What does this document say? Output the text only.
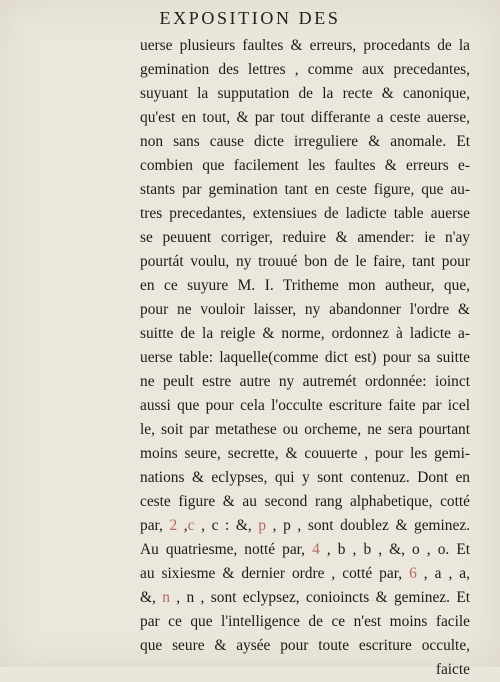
EXPOSITION DES
uerse plusieurs faultes & erreurs, procedants de la
gemination des lettres , comme aux precedantes,
suyuant la supputation de la recte & canonique,
qu'est en tout, & par tout differante a ceste auerse,
non sans cause dicte irreguliere & anomale. Et
combien que facilement les faultes & erreurs e-
stants par gemination tant en ceste figure, que au-
tres precedantes, extensiues de ladicte table auerse
se peuuent corriger, reduire & amender: ie n'ay
pourtát voulu, ny trouué bon de le faire, tant pour
en ce suyure M. I. Tritheme mon autheur, que,
pour ne vouloir laisser, ny abandonner l'ordre &
suitte de la reigle & norme, ordonnez à ladicte a-
uerse table: laquelle(comme dict est) pour sa suitte
ne peult estre autre ny autremét ordonnée: ioinct
aussi que pour cela l'occulte escriture faite par icel
le, soit par metathese ou orcheme, ne sera pourtant
moins seure, secrette, & couuerte , pour les gemi-
nations & eclypses, qui y sont contenuz. Dont en
ceste figure & au second rang alphabetique, cotté
par, 2 ,c , c : &, p , p , sont doublez & geminez.
Au quatriesme, notté par, 4 , b , b , &, o , o. Et
au sixiesme & dernier ordre , cotté par, 6 , a , a,
&, n , n , sont eclypsez, conioincts & geminez. Et
par ce que l'intelligence de ce n'est moins facile
que seure & aysée pour toute escriture occulte,
faicte
